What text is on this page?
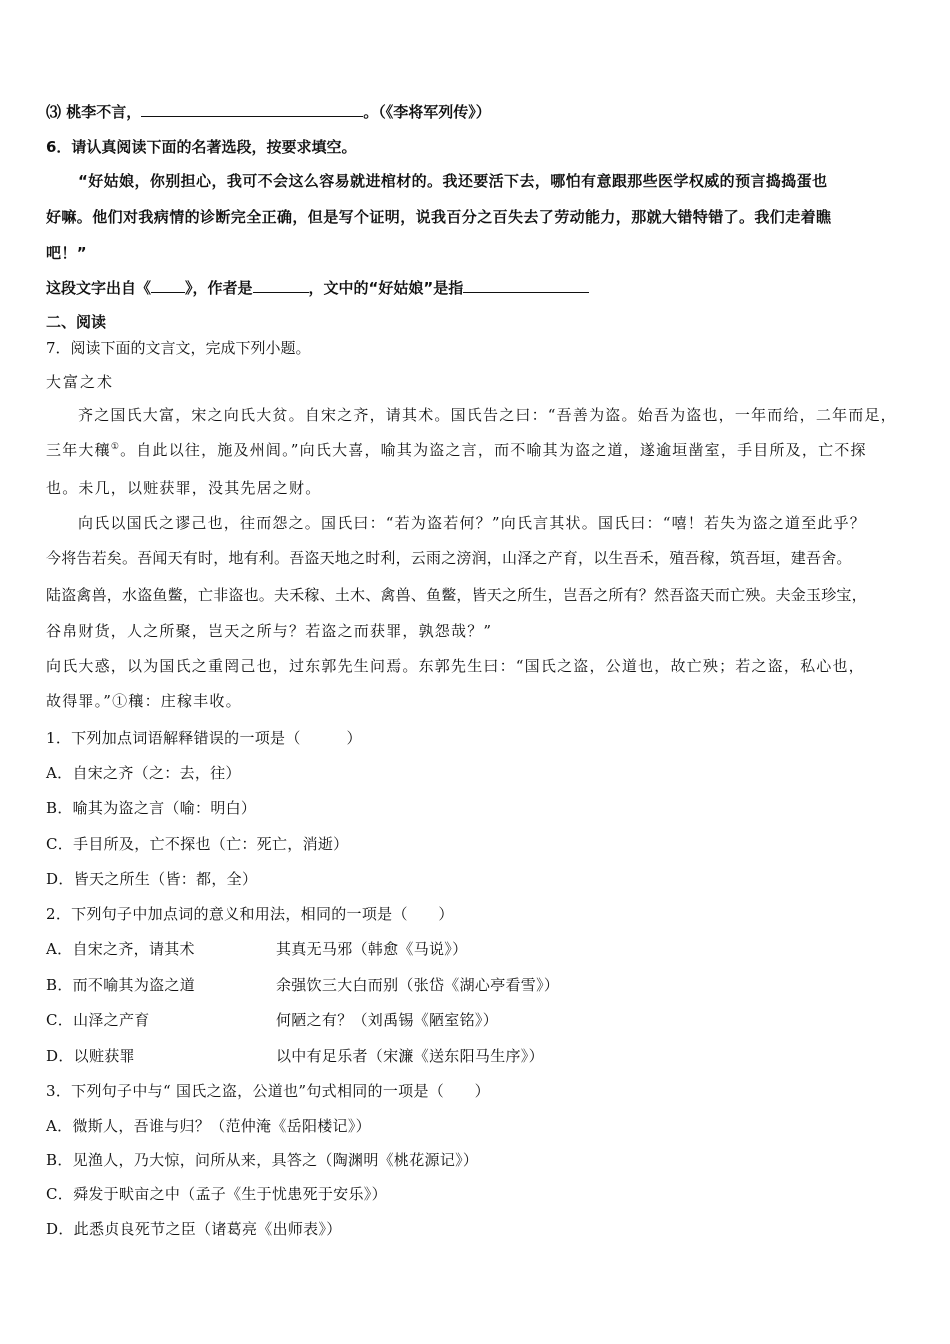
⑶ 桃李不言，	。（《李将军列传》）
6．请认真阅读下面的名著选段，按要求填空。
“好姑娘，你别担心，我可不会这么容易就进棺材的。我还要活下去，哪怕有意跟那些医学权威的预言捣捣蛋也
好嘛。他们对我病情的诊断完全正确，但是写个证明，说我百分之百失去了劳动能力，那就大错特错了。我们走着瞧
吧！”
这段文字出自《 》，作者是	，文中的“好姑娘”是指
二、阅读
7．阅读下面的文言文，完成下列小题。
大富之术
齐之国氏大富，宋之向氏大贫。自宋之齐，请其术。国氏告之曰：“吾善为盗。始吾为盗也，一年而给，二年而足，
三年大穰①。自此以往，施及州闾。”向氏大喜，喻其为盗之言，而不喻其为盗之道，遂逾垣凿室，手目所及，亡不探
也。未几，以赃获罪，没其先居之财。
向氏以国氏之谬己也，往而怨之。国氏曰：“若为盗若何？”向氏言其状。国氏曰：“嘻！若失为盗之道至此乎？
今将告若矣。吾闻天有时，地有利。吾盗天地之时利，云雨之滂润，山泽之产育，以生吾禾，殖吾稼，筑吾垣，建吾舍。
陆盗禽兽，水盗鱼鳖，亡非盗也。夫禾稼、土木、禽兽、鱼鳖，皆天之所生，岂吾之所有？然吾盗天而亡殃。夫金玉珍宝，
谷帛财货，人之所聚，岂天之所与？若盗之而获罪，孰怨哉？”
向氏大惑，以为国氏之重罔己也，过东郭先生问焉。东郭先生曰：“国氏之盗，公道也，故亡殃；若之盗，私心也，
故得罪。”①穰：庄稼丰收。
1．下列加点词语解释错误的一项是（　　　）
A．自宋之齐（之：去，往）
B．喻其为盗之言（喻：明白）
C．手目所及，亡不探也（亡：死亡，消逝）
D．皆天之所生（皆：都，全）
2．下列句子中加点词的意义和用法，相同的一项是（　　）
A．自宋之齐，请其术	其真无马邪（韩愈《马说》）
B．而不喻其为盗之道	余强饮三大白而别（张岱《湖心亭看雪》）
C．山泽之产育	何陋之有？（刘禹锡《陋室铭》）
D．以赃获罪	以中有足乐者（宋濂《送东阳马生序》）
3．下列句子中与“ 国氏之盗，公道也”句式相同的一项是（　　）
A．微斯人，吾谁与归？（范仲淹《岳阳楼记》）
B．见渔人，乃大惊，问所从来，具答之（陶渊明《桃花源记》）
C．舜发于畎亩之中（孟子《生于忧患死于安乐》）
D．此悉贞良死节之臣（诸葛亮《出师表》）
